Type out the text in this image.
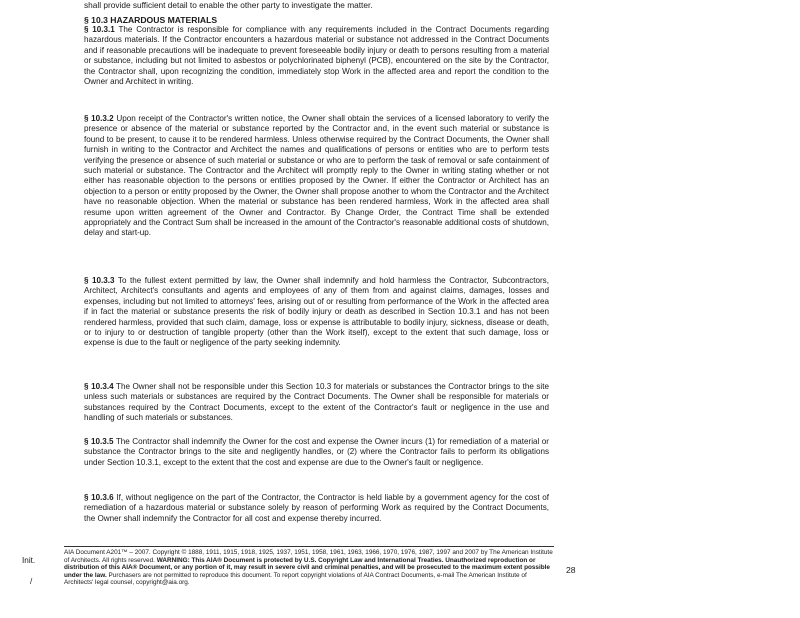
shall provide sufficient detail to enable the other party to investigate the matter.
§ 10.3 HAZARDOUS MATERIALS
§ 10.3.1 The Contractor is responsible for compliance with any requirements included in the Contract Documents regarding hazardous materials. If the Contractor encounters a hazardous material or substance not addressed in the Contract Documents and if reasonable precautions will be inadequate to prevent foreseeable bodily injury or death to persons resulting from a material or substance, including but not limited to asbestos or polychlorinated biphenyl (PCB), encountered on the site by the Contractor, the Contractor shall, upon recognizing the condition, immediately stop Work in the affected area and report the condition to the Owner and Architect in writing.
§ 10.3.2 Upon receipt of the Contractor's written notice, the Owner shall obtain the services of a licensed laboratory to verify the presence or absence of the material or substance reported by the Contractor and, in the event such material or substance is found to be present, to cause it to be rendered harmless. Unless otherwise required by the Contract Documents, the Owner shall furnish in writing to the Contractor and Architect the names and qualifications of persons or entities who are to perform tests verifying the presence or absence of such material or substance or who are to perform the task of removal or safe containment of such material or substance. The Contractor and the Architect will promptly reply to the Owner in writing stating whether or not either has reasonable objection to the persons or entities proposed by the Owner. If either the Contractor or Architect has an objection to a person or entity proposed by the Owner, the Owner shall propose another to whom the Contractor and the Architect have no reasonable objection. When the material or substance has been rendered harmless, Work in the affected area shall resume upon written agreement of the Owner and Contractor. By Change Order, the Contract Time shall be extended appropriately and the Contract Sum shall be increased in the amount of the Contractor's reasonable additional costs of shutdown, delay and start-up.
§ 10.3.3 To the fullest extent permitted by law, the Owner shall indemnify and hold harmless the Contractor, Subcontractors, Architect, Architect's consultants and agents and employees of any of them from and against claims, damages, losses and expenses, including but not limited to attorneys' fees, arising out of or resulting from performance of the Work in the affected area if in fact the material or substance presents the risk of bodily injury or death as described in Section 10.3.1 and has not been rendered harmless, provided that such claim, damage, loss or expense is attributable to bodily injury, sickness, disease or death, or to injury to or destruction of tangible property (other than the Work itself), except to the extent that such damage, loss or expense is due to the fault or negligence of the party seeking indemnity.
§ 10.3.4 The Owner shall not be responsible under this Section 10.3 for materials or substances the Contractor brings to the site unless such materials or substances are required by the Contract Documents. The Owner shall be responsible for materials or substances required by the Contract Documents, except to the extent of the Contractor's fault or negligence in the use and handling of such materials or substances.
§ 10.3.5 The Contractor shall indemnify the Owner for the cost and expense the Owner incurs (1) for remediation of a material or substance the Contractor brings to the site and negligently handles, or (2) where the Contractor fails to perform its obligations under Section 10.3.1, except to the extent that the cost and expense are due to the Owner's fault or negligence.
§ 10.3.6 If, without negligence on the part of the Contractor, the Contractor is held liable by a government agency for the cost of remediation of a hazardous material or substance solely by reason of performing Work as required by the Contract Documents, the Owner shall indemnify the Contractor for all cost and expense thereby incurred.
AIA Document A201™ – 2007. Copyright © 1888, 1911, 1915, 1918, 1925, 1937, 1951, 1958, 1961, 1963, 1966, 1970, 1976, 1987, 1997 and 2007 by The American Institute of Architects. All rights reserved. WARNING: This AIA® Document is protected by U.S. Copyright Law and International Treaties. Unauthorized reproduction or distribution of this AIA® Document, or any portion of it, may result in severe civil and criminal penalties, and will be prosecuted to the maximum extent possible under the law. Purchasers are not permitted to reproduce this document. To report copyright violations of AIA Contract Documents, e-mail The American Institute of Architects' legal counsel, copyright@aia.org.
Init.
/
28
